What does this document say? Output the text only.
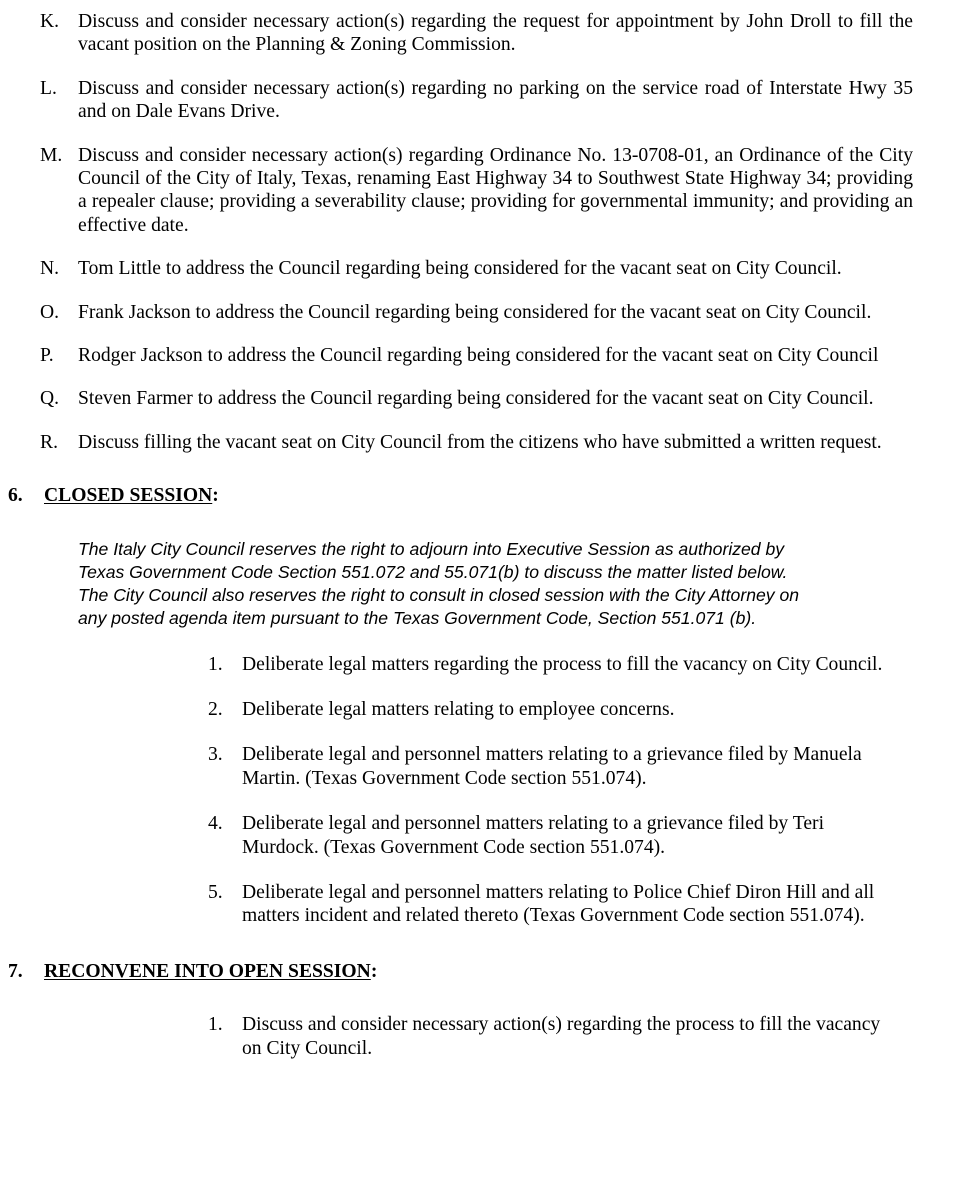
K. Discuss and consider necessary action(s) regarding the request for appointment by John Droll to fill the vacant position on the Planning & Zoning Commission.
L.	Discuss and consider necessary action(s) regarding no parking on the service road of Interstate Hwy 35 and on Dale Evans Drive.
M. Discuss and consider necessary action(s) regarding Ordinance No. 13-0708-01, an Ordinance of the City Council of the City of Italy, Texas, renaming East Highway 34 to Southwest State Highway 34; providing a repealer clause; providing a severability clause; providing for governmental immunity; and providing an effective date.
N. Tom Little to address the Council regarding being considered for the vacant seat on City Council.
O. Frank Jackson to address the Council regarding being considered for the vacant seat on City Council.
P.	Rodger Jackson to address the Council regarding being considered for the vacant seat on City Council
Q. Steven Farmer to address the Council regarding being considered for the vacant seat on City Council.
R.	Discuss filling the vacant seat on City Council from the citizens who have submitted a written request.
6. CLOSED SESSION:

The Italy City Council reserves the right to adjourn into Executive Session as authorized by

Texas Government Code Section 551.072 and 55.071(b) to discuss the matter listed below.

The City Council also reserves the right to consult in closed session with the City Attorney on

any posted agenda item pursuant to the Texas Government Code, Section 551.071 (b).

1. Deliberate legal matters regarding the process to fill the vacancy on City Council.
2. Deliberate legal matters relating to employee concerns.
3. Deliberate legal and personnel matters relating to a grievance filed by Manuela Martin. (Texas Government Code section 551.074).
4. Deliberate legal and personnel matters relating to a grievance filed by Teri Murdock. (Texas Government Code section 551.074).
5. Deliberate legal and personnel matters relating to Police Chief Diron Hill and all matters incident and related thereto (Texas Government Code section 551.074).
7. RECONVENE INTO OPEN SESSION:
1. Discuss and consider necessary action(s) regarding the process to fill the vacancy on City Council.
